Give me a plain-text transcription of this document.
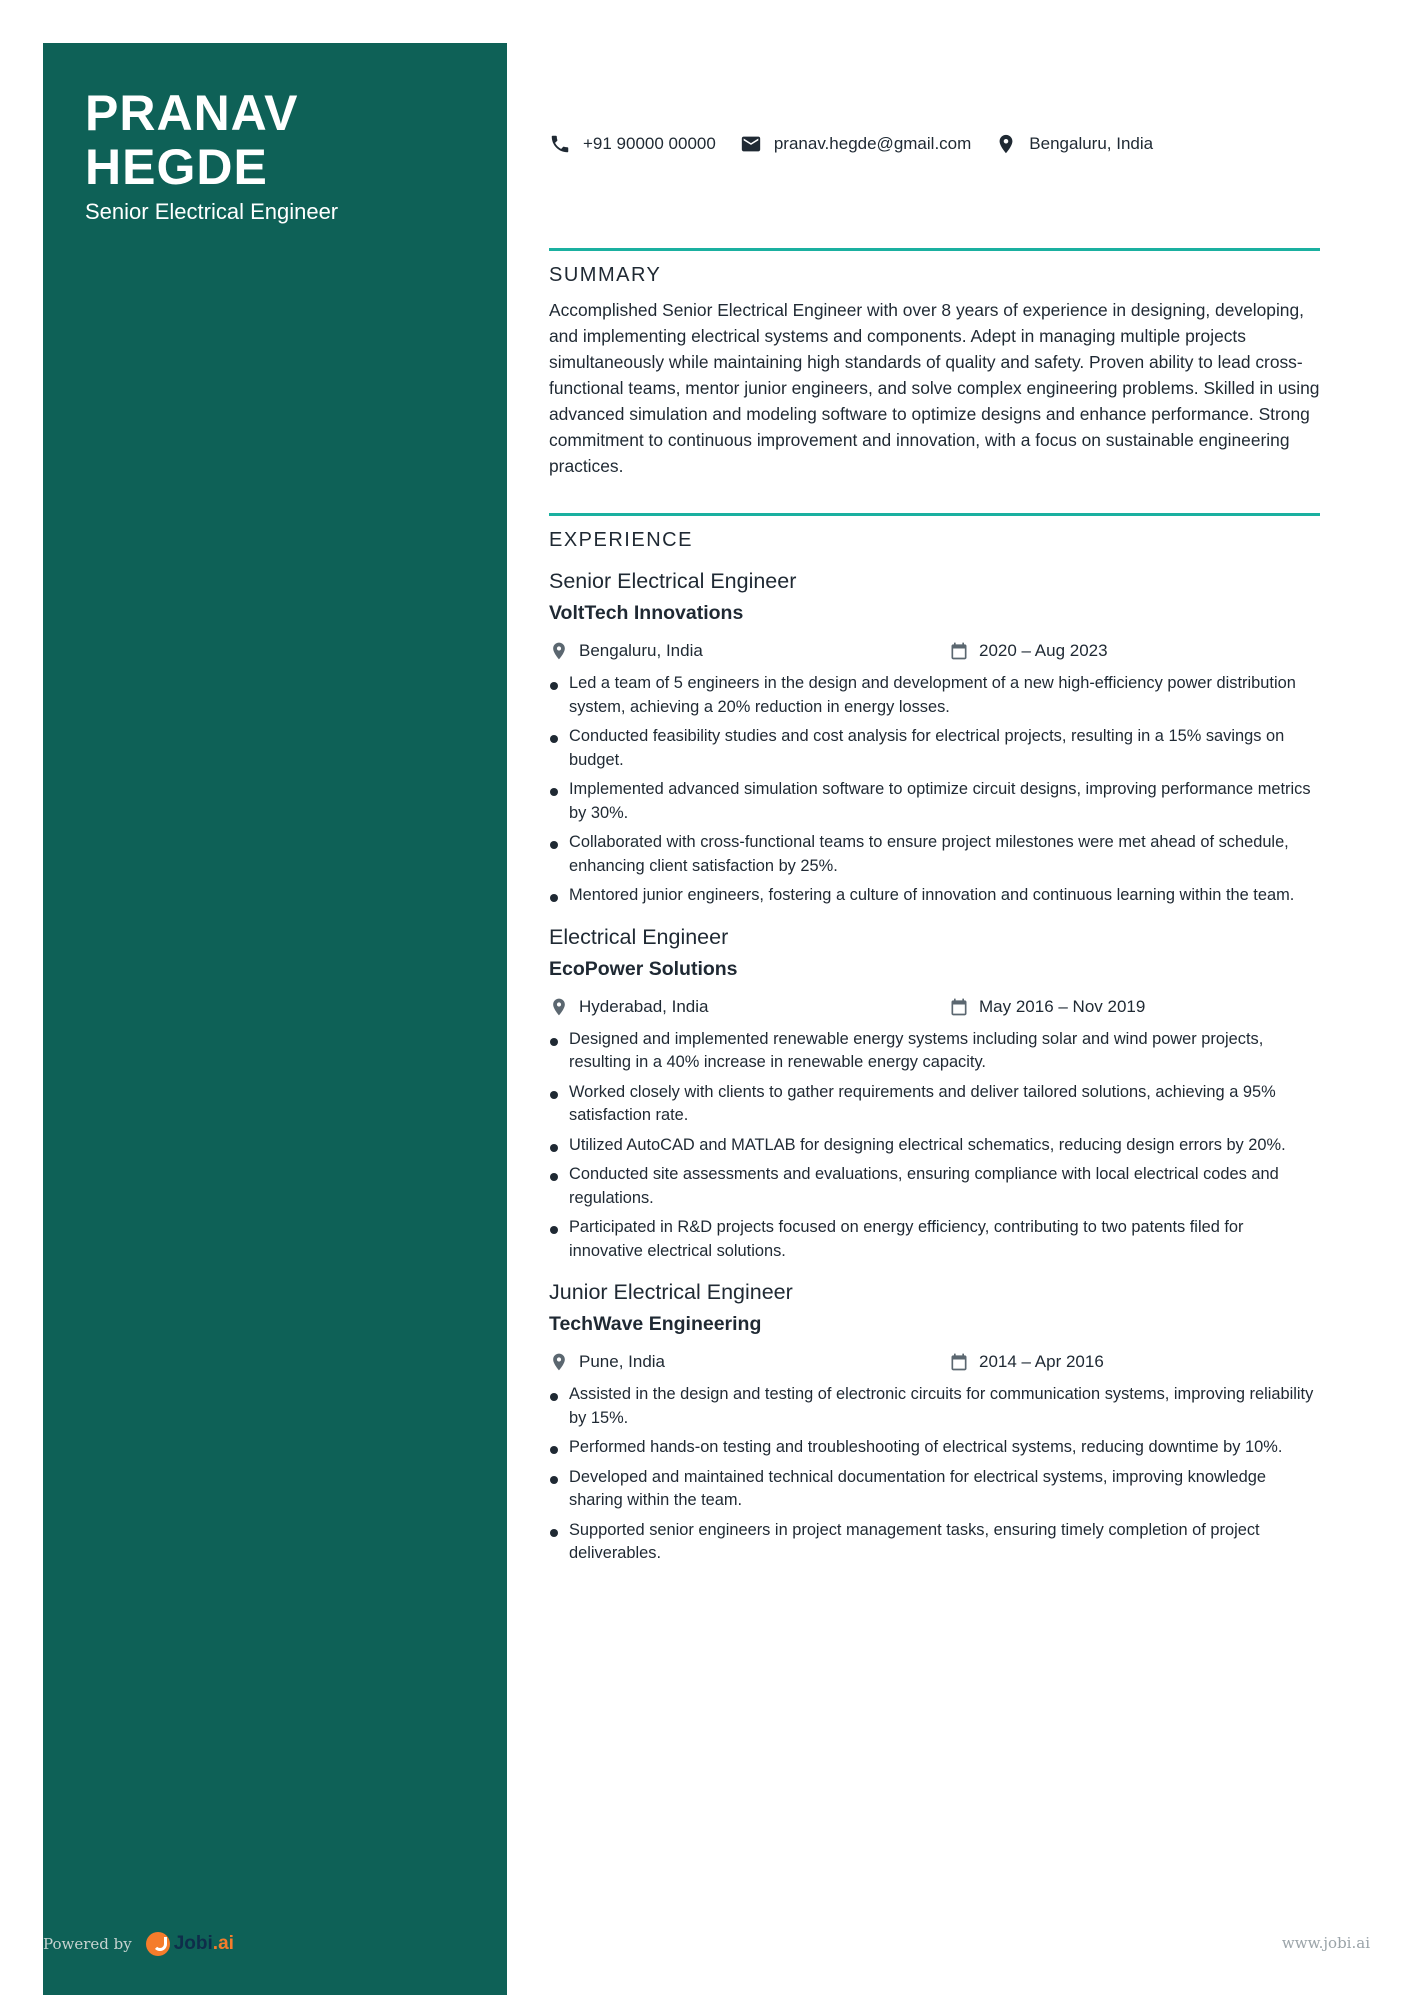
PRANAV
HEGDE
Senior Electrical Engineer
+91 90000 00000	pranav.hegde@gmail.com	Bengaluru, India
SUMMARY
Accomplished Senior Electrical Engineer with over 8 years of experience in designing, developing, and implementing electrical systems and components. Adept in managing multiple projects simultaneously while maintaining high standards of quality and safety. Proven ability to lead cross-functional teams, mentor junior engineers, and solve complex engineering problems. Skilled in using advanced simulation and modeling software to optimize designs and enhance performance. Strong commitment to continuous improvement and innovation, with a focus on sustainable engineering practices.
EXPERIENCE
Senior Electrical Engineer
VoltTech Innovations
Bengaluru, India	2020 – Aug 2023
Led a team of 5 engineers in the design and development of a new high-efficiency power distribution system, achieving a 20% reduction in energy losses.
Conducted feasibility studies and cost analysis for electrical projects, resulting in a 15% savings on budget.
Implemented advanced simulation software to optimize circuit designs, improving performance metrics by 30%.
Collaborated with cross-functional teams to ensure project milestones were met ahead of schedule, enhancing client satisfaction by 25%.
Mentored junior engineers, fostering a culture of innovation and continuous learning within the team.
Electrical Engineer
EcoPower Solutions
Hyderabad, India	May 2016 – Nov 2019
Designed and implemented renewable energy systems including solar and wind power projects, resulting in a 40% increase in renewable energy capacity.
Worked closely with clients to gather requirements and deliver tailored solutions, achieving a 95% satisfaction rate.
Utilized AutoCAD and MATLAB for designing electrical schematics, reducing design errors by 20%.
Conducted site assessments and evaluations, ensuring compliance with local electrical codes and regulations.
Participated in R&D projects focused on energy efficiency, contributing to two patents filed for innovative electrical solutions.
Junior Electrical Engineer
TechWave Engineering
Pune, India	2014 – Apr 2016
Assisted in the design and testing of electronic circuits for communication systems, improving reliability by 15%.
Performed hands-on testing and troubleshooting of electrical systems, reducing downtime by 10%.
Developed and maintained technical documentation for electrical systems, improving knowledge sharing within the team.
Supported senior engineers in project management tasks, ensuring timely completion of project deliverables.
Powered by Jobi .ai	www.jobi.ai
